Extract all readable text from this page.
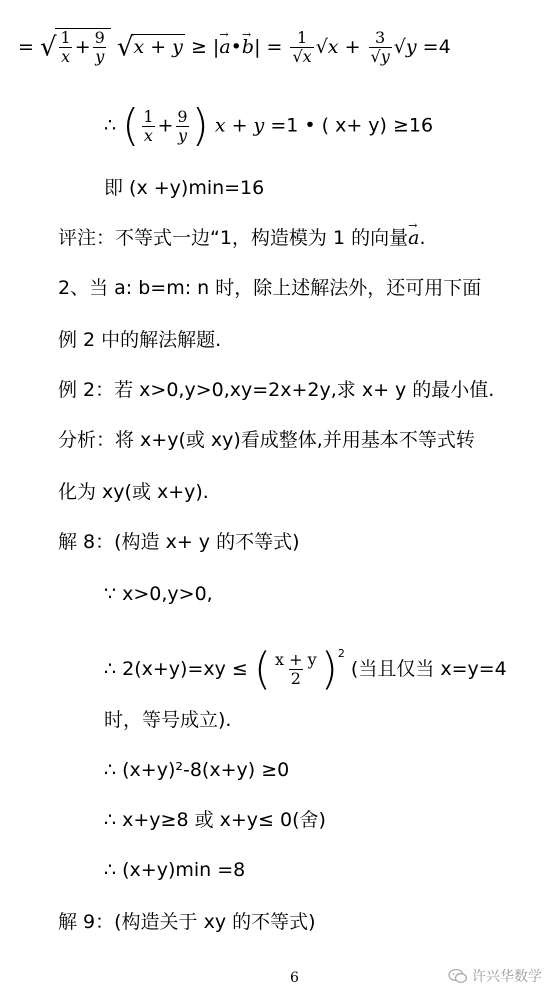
= √ $\frac{1}{x} + \frac{9}{y} √x + y$ ≥ |→ a•→ $b| = \frac{1}{√x} √x + \frac{3}{√y} √y =4$
∴ ( $\frac{1}{x} + \frac{9}{y}$ ) x + y =1 • ( x+ y) ≥16
即 (x +y)min=16
评注：不等式一边“1，构造模为 1 的向量→ a.
2、当 a: b=m: n 时，除上述解法外，还可用下面
例 2 中的解法解题.
例 2：若 x>0,y>0,xy=2x+2y,求 x+ y 的最小值.
分析：将 x+y(或 xy)看成整体,并用基本不等式转
化为 xy(或 x+y).
解 8：(构造 x+ y 的不等式)
∵ x>0,y>0,
∴ 2(x+y)=xy ≤ ( $\frac{x + y}{2} )^2$ (当且仅当 x=y=4
时，等号成立).
∴ (x+y)²-8(x+y) ≥0
∴ x+y≥8 或 x+y≤ 0(舍)
∴ (x+y)min =8
解 9：(构造关于 xy 的不等式)
6	许兴华数学
